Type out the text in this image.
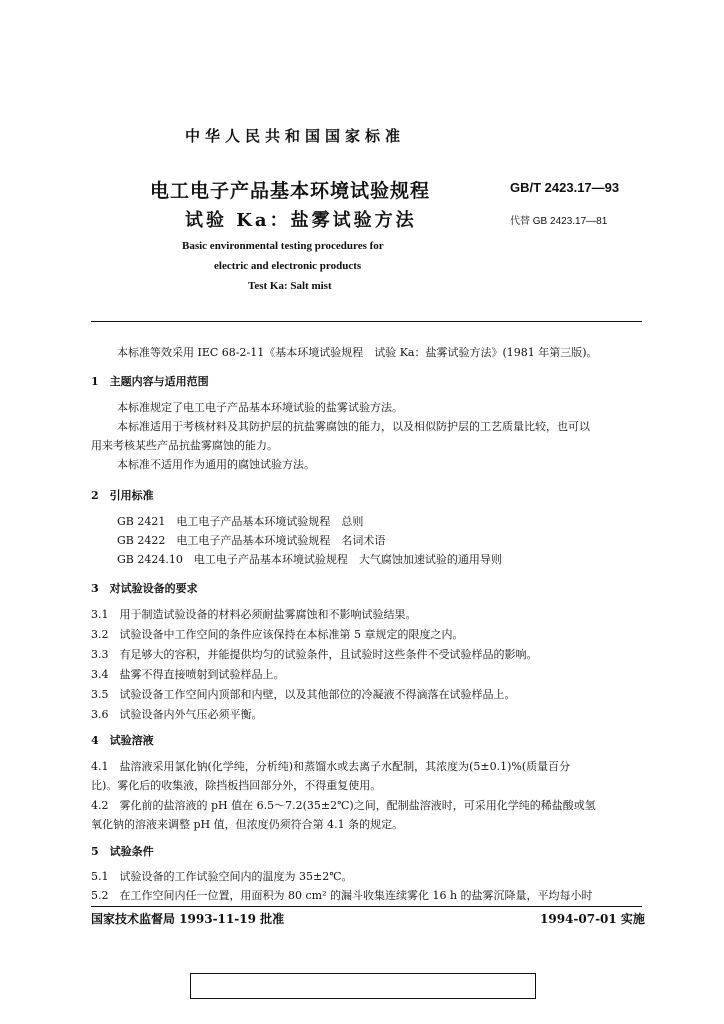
中华人民共和国国家标准
电工电子产品基本环境试验规程
试验 Ka：盐雾试验方法
GB/T 2423.17—93
代替 GB 2423.17—81
Basic environmental testing procedures for
electric and electronic products
Test Ka: Salt mist
本标准等效采用 IEC 68-2-11《基本环境试验规程　试验 Ka：盐雾试验方法》(1981 年第三版)。
1　主题内容与适用范围
本标准规定了电工电子产品基本环境试验的盐雾试验方法。
本标准适用于考核材料及其防护层的抗盐雾腐蚀的能力，以及相似防护层的工艺质量比较，也可以
用来考核某些产品抗盐雾腐蚀的能力。
本标准不适用作为通用的腐蚀试验方法。
2　引用标准
GB 2421　电工电子产品基本环境试验规程　总则
GB 2422　电工电子产品基本环境试验规程　名词术语
GB 2424.10　电工电子产品基本环境试验规程　大气腐蚀加速试验的通用导则
3　对试验设备的要求
3.1　用于制造试验设备的材料必须耐盐雾腐蚀和不影响试验结果。
3.2　试验设备中工作空间的条件应该保持在本标准第 5 章规定的限度之内。
3.3　有足够大的容积，并能提供均匀的试验条件，且试验时这些条件不受试验样品的影响。
3.4　盐雾不得直接喷射到试验样品上。
3.5　试验设备工作空间内顶部和内壁，以及其他部位的冷凝液不得滴落在试验样品上。
3.6　试验设备内外气压必须平衡。
4　试验溶液
4.1　盐溶液采用氯化钠(化学纯，分析纯)和蒸馏水或去离子水配制，其浓度为(5±0.1)%(质量百分
比)。雾化后的收集液，除挡板挡回部分外，不得重复使用。
4.2　雾化前的盐溶液的 pH 值在 6.5～7.2(35±2℃)之间，配制盐溶液时，可采用化学纯的稀盐酸或氢
氧化钠的溶液来调整 pH 值，但浓度仍须符合第 4.1 条的规定。
5　试验条件
5.1　试验设备的工作试验空间内的温度为 35±2℃。
5.2　在工作空间内任一位置，用面积为 80 cm² 的漏斗收集连续雾化 16 h 的盐雾沉降量，平均每小时
国家技术监督局 1993-11-19 批准	1994-07-01 实施
